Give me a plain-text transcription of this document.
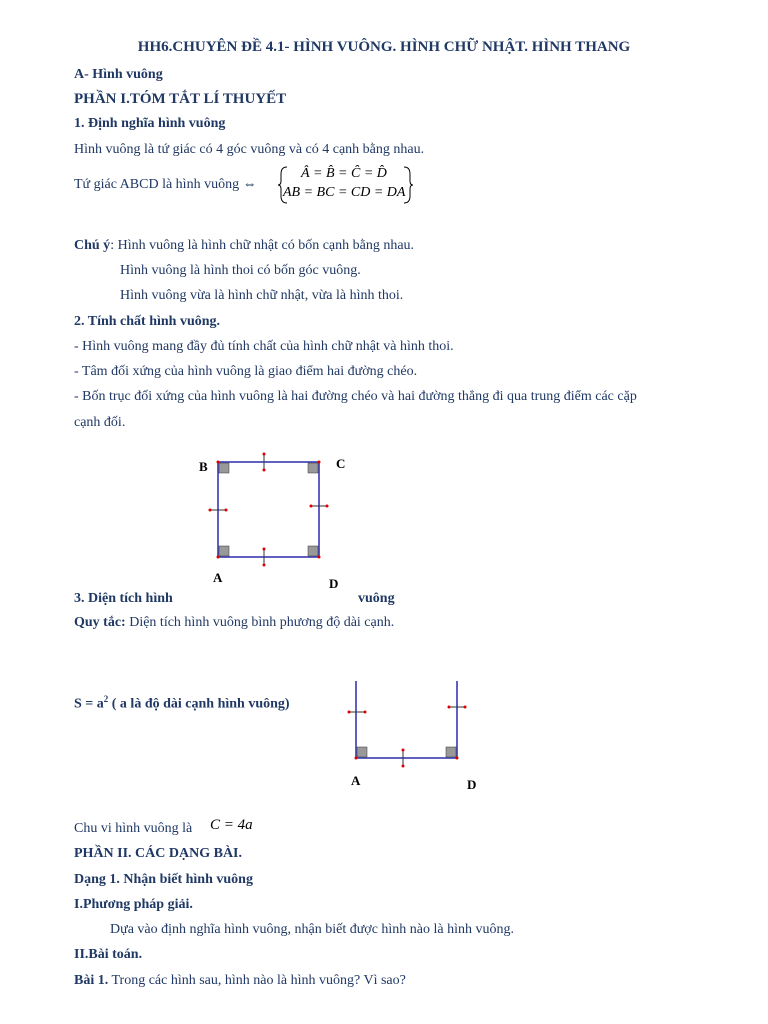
HH6.CHUYÊN ĐỀ 4.1- HÌNH VUÔNG. HÌNH CHỮ NHẬT. HÌNH THANG
A- Hình vuông
PHẦN I.TÓM TẮT LÍ THUYẾT
1. Định nghĩa hình vuông
Hình vuông là tứ giác có 4 góc vuông và có 4 cạnh bằng nhau.
Tứ giác ABCD là hình vuông ⇔
Â = B̂ = Ĉ = D̂
AB = BC = CD = DA
Chú ý: Hình vuông là hình chữ nhật có bốn cạnh bằng nhau.
Hình vuông là hình thoi có bốn góc vuông.
Hình vuông vừa là hình chữ nhật, vừa là hình thoi.
2. Tính chất hình vuông.
- Hình vuông mang đầy đủ tính chất của hình chữ nhật và hình thoi.
- Tâm đối xứng của hình vuông là giao điểm hai đường chéo.
- Bốn trục đối xứng của hình vuông là hai đường chéo và hai đường thẳng đi qua trung điểm các cặp
cạnh đối.
B	C
A	D
3. Diện tích hình	vuông
Quy tắc: Diện tích hình vuông bình phương độ dài cạnh.
$S = a^2$ ( a là độ dài cạnh hình vuông)
A	D
Chu vi hình vuông là C = 4a
PHẦN II. CÁC DẠNG BÀI.
Dạng 1. Nhận biết hình vuông
I.Phương pháp giải.
Dựa vào định nghĩa hình vuông, nhận biết được hình nào là hình vuông.
II.Bài toán.
Bài 1. Trong các hình sau, hình nào là hình vuông? Vì sao?
